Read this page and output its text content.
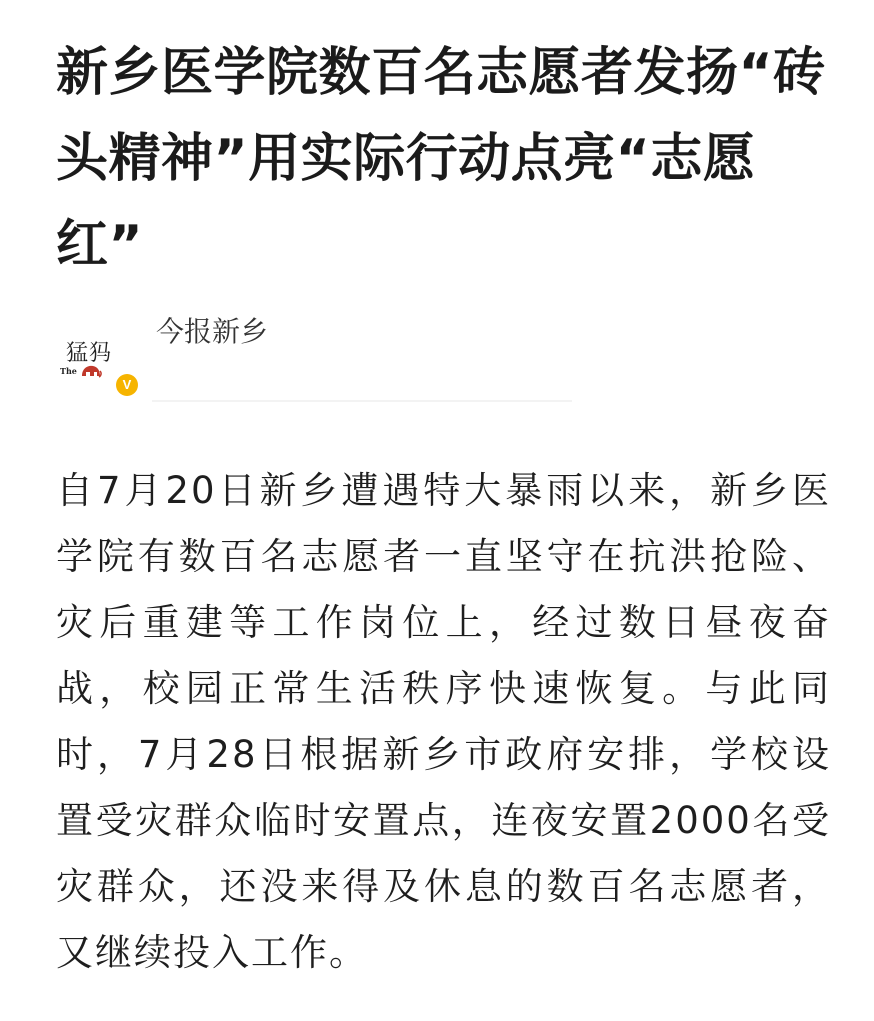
新乡医学院数百名志愿者发扬“砖头精神”用实际行动点亮“志愿红”
猛犸
The
V
今报新乡

自7月20日新乡遭遇特大暴雨以来，新乡医学院有数百名志愿者一直坚守在抗洪抢险、灾后重建等工作岗位上，经过数日昼夜奋战，校园正常生活秩序快速恢复。与此同时，7月28日根据新乡市政府安排，学校设置受灾群众临时安置点，连夜安置2000名受灾群众，还没来得及休息的数百名志愿者，又继续投入工作。
